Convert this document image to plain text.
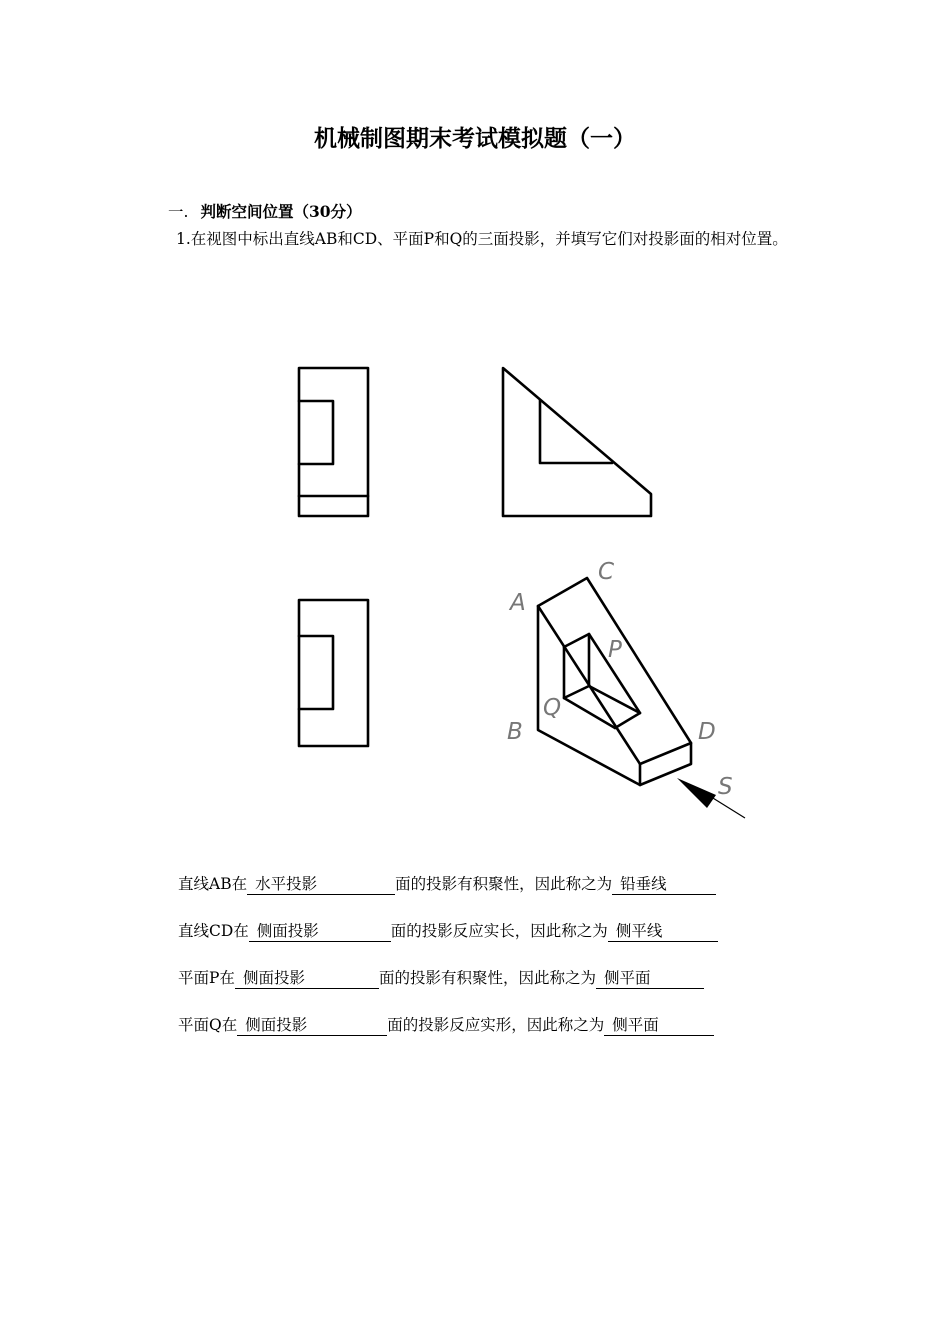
机械制图期末考试模拟题（一）
一. 判断空间位置（30分）
1.在视图中标出直线AB和CD、平面P和Q的三面投影，并填写它们对投影面的相对位置。
A
C
P
Q
B	D
S
直线AB在 水平投影	面的投影有积聚性，因此称之为 铅垂线
直线CD在 侧面投影	面的投影反应实长，因此称之为 侧平线
平面P在 侧面投影	面的投影有积聚性，因此称之为 侧平面
平面Q在 侧面投影	面的投影反应实形，因此称之为 侧平面
